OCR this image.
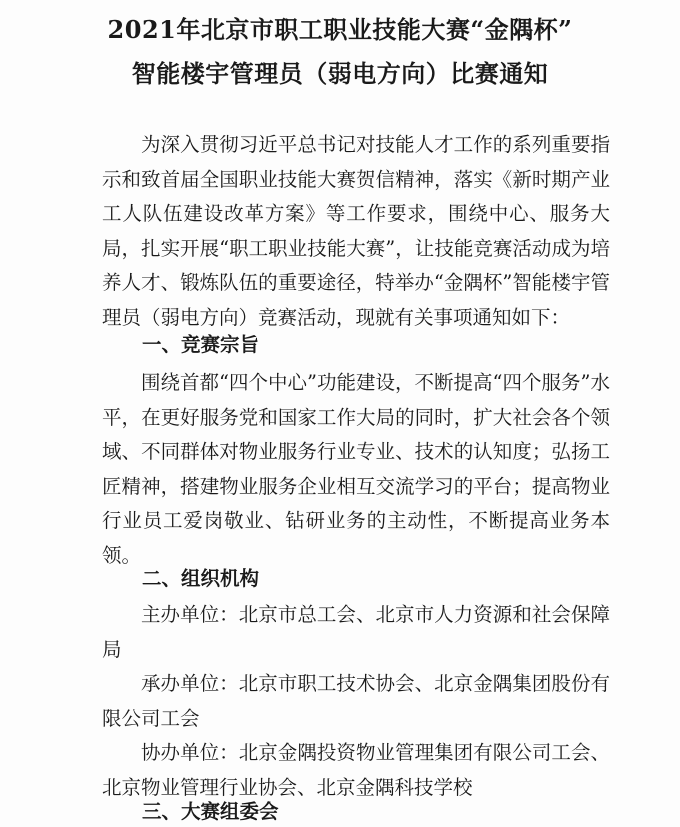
2021年北京市职工职业技能大赛“金隅杯”
智能楼宇管理员（弱电方向）比赛通知

为深入贯彻习近平总书记对技能人才工作的系列重要指示和致首届全国职业技能大赛贺信精神，落实《新时期产业工人队伍建设改革方案》等工作要求，围绕中心、服务大局，扎实开展“职工职业技能大赛”，让技能竞赛活动成为培养人才、锻炼队伍的重要途径，特举办“金隅杯”智能楼宇管理员（弱电方向）竞赛活动，现就有关事项通知如下：

一、竞赛宗旨

围绕首都“四个中心”功能建设，不断提高“四个服务”水平，在更好服务党和国家工作大局的同时，扩大社会各个领域、不同群体对物业服务行业专业、技术的认知度；弘扬工匠精神，搭建物业服务企业相互交流学习的平台；提高物业行业员工爱岗敬业、钻研业务的主动性，不断提高业务本领。

二、组织机构

主办单位：北京市总工会、北京市人力资源和社会保障局

承办单位：北京市职工技术协会、北京金隅集团股份有限公司工会

协办单位：北京金隅投资物业管理集团有限公司工会、北京物业管理行业协会、北京金隅科技学校

三、大赛组委会
